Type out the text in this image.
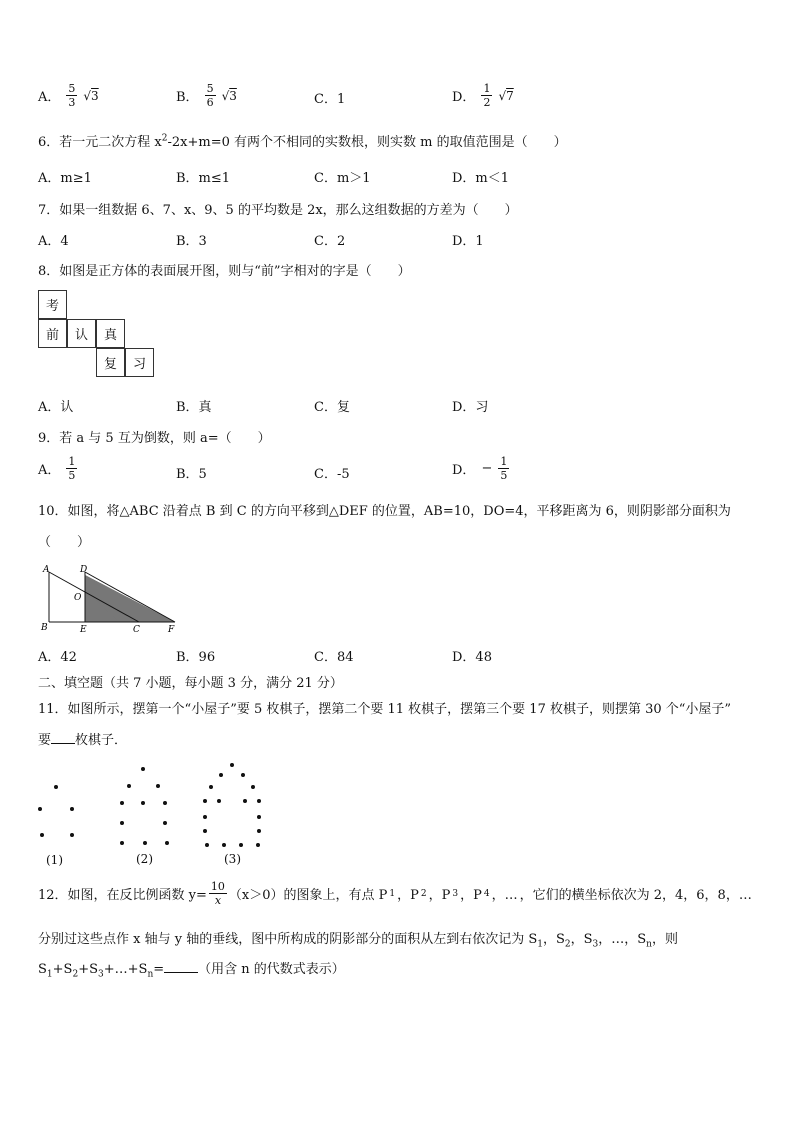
A． $\frac{5}{3} √3$	B． $\frac{5}{6} √3$	C．1	D． $\frac{1}{2} √7$
6．若一元二次方程 $x^2-2x+m=0$ 有两个不相同的实数根，则实数 m 的取值范围是（　　）
A．m≥1	B．m≤1	C．m＞1	D．m＜1
7．如果一组数据 6、7、x、9、5 的平均数是 2x，那么这组数据的方差为（　　）
A．4	B．3	C．2	D．1
8．如图是正方体的表面展开图，则与“前”字相对的字是（　　）
考
前	认	真
复	习
A．认	B．真	C．复	D．习
9．若 a 与 5 互为倒数，则 a=（　　）
A． $\frac{1}{5}$	B．5	C．-5	D． − $\frac{1}{5}$
10．如图，将△ABC 沿着点 B 到 C 的方向平移到△DEF 的位置，AB=10，DO=4，平移距离为 6，则阴影部分面积为
（　　）
A
B
D
O
E	C	F
A．42	B．96	C．84	D．48
二、填空题（共 7 小题，每小题 3 分，满分 21 分）
11．如图所示，摆第一个“小屋子”要 5 枚棋子，摆第二个要 11 枚棋子，摆第三个要 17 枚棋子，则摆第 30 个“小屋子”
要 枚棋子．
(1)	(2)	(3)
12．如图，在反比例函数 $y= \frac{10}{x} (x>0)$的图象上，有点 P 1 ，P 2 ，P 3 ，P 4 ，… ，它们的横坐标依次为 2，4，6，8，…
分别过这些点作 x 轴与 y 轴的垂线，图中所构成的阴影部分的面积从左到右依次记为 $S_1$，$S_2$，$S_3$，…，$S_n$，则
$S_1+S_2+S_3+\dots+S_n=$	（用含 n 的代数式表示）
